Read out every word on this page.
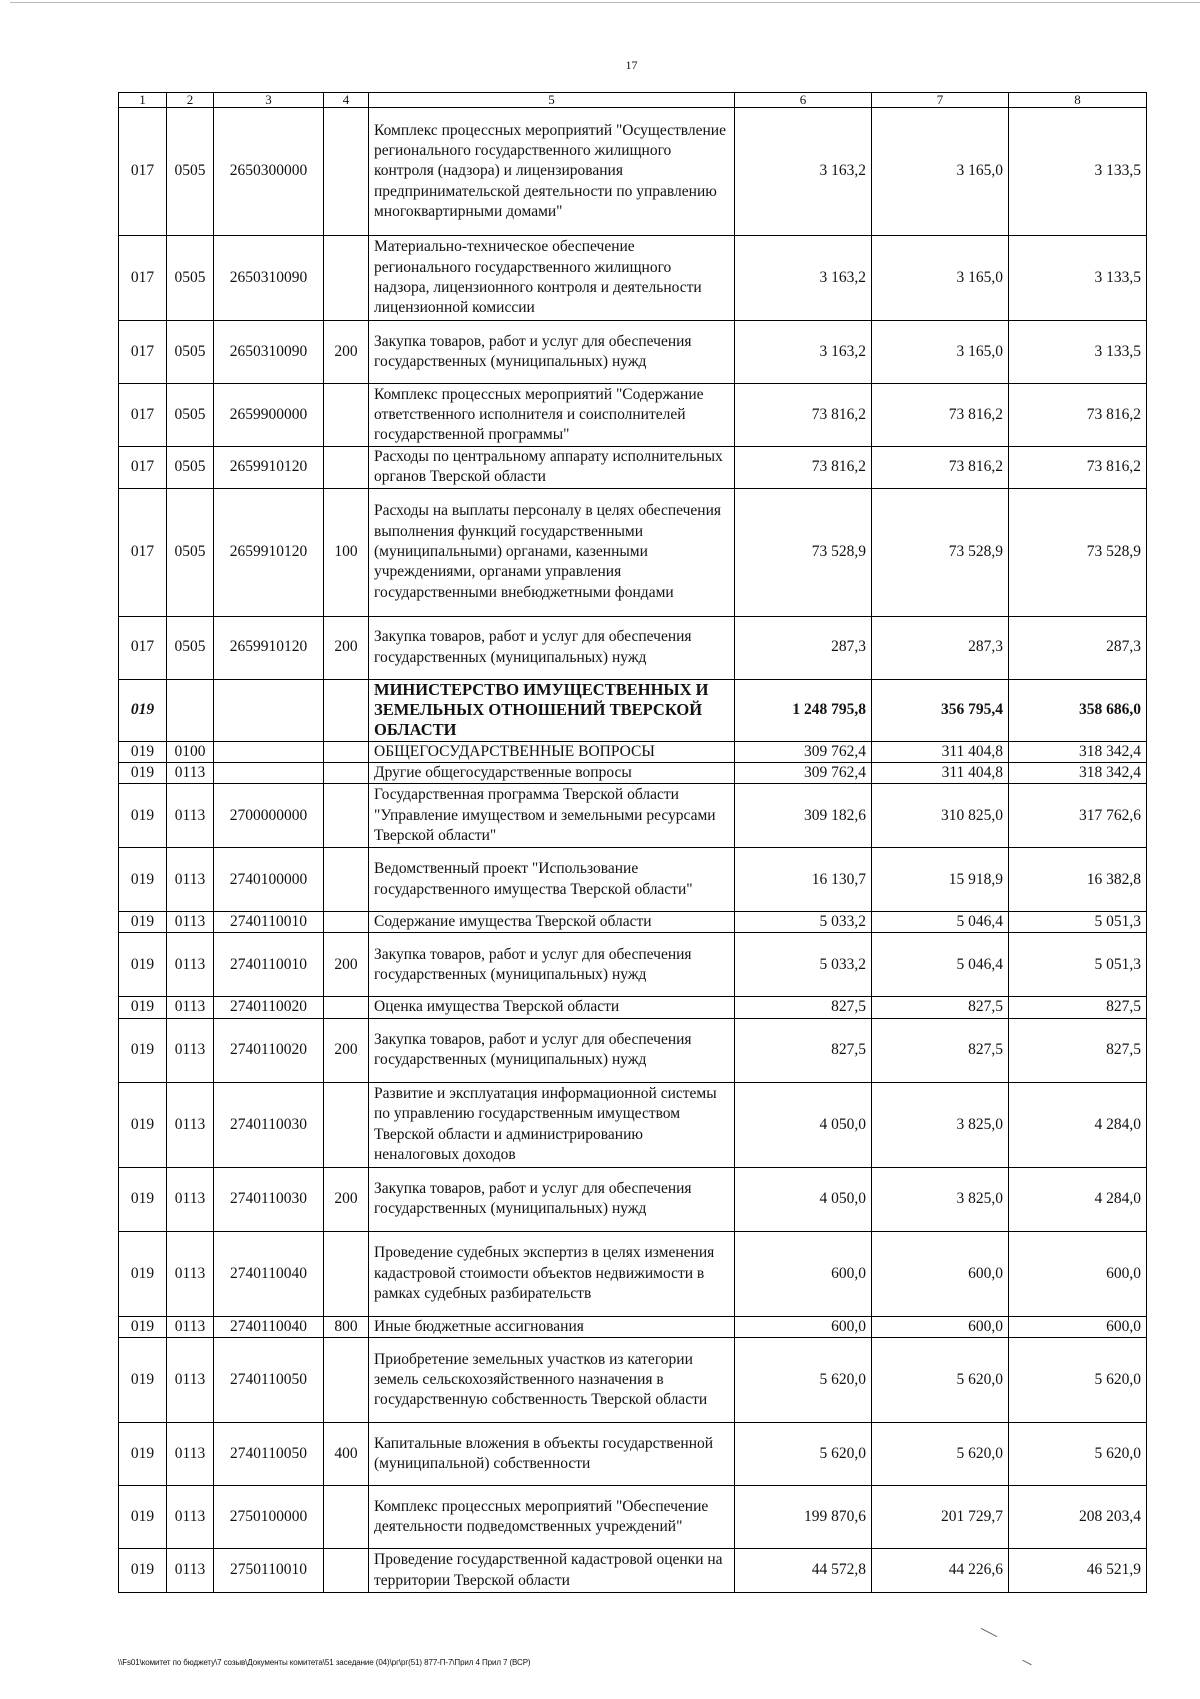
17
1	2	3	4	5	6	7	8
017	0505	2650300000		Комплекс процессных мероприятий "Осуществление регионального государственного жилищного контроля (надзора) и лицензирования предпринимательской деятельности по управлению многоквартирными домами"	3 163,2	3 165,0	3 133,5
017	0505	2650310090		Материально-техническое обеспечение регионального государственного жилищного надзора, лицензионного контроля и деятельности лицензионной комиссии	3 163,2	3 165,0	3 133,5
017	0505	2650310090	200	Закупка товаров, работ и услуг для обеспечения государственных (муниципальных) нужд	3 163,2	3 165,0	3 133,5
017	0505	2659900000		Комплекс процессных мероприятий "Содержание ответственного исполнителя и соисполнителей государственной программы"	73 816,2	73 816,2	73 816,2
017	0505	2659910120		Расходы по центральному аппарату исполнительных органов Тверской области	73 816,2	73 816,2	73 816,2
017	0505	2659910120	100	Расходы на выплаты персоналу в целях обеспечения выполнения функций государственными (муниципальными) органами, казенными учреждениями, органами управления государственными внебюджетными фондами	73 528,9	73 528,9	73 528,9
017	0505	2659910120	200	Закупка товаров, работ и услуг для обеспечения государственных (муниципальных) нужд	287,3	287,3	287,3
019				МИНИСТЕРСТВО ИМУЩЕСТВЕННЫХ И ЗЕМЕЛЬНЫХ ОТНОШЕНИЙ ТВЕРСКОЙ ОБЛАСТИ	1 248 795,8	356 795,4	358 686,0
019	0100			ОБЩЕГОСУДАРСТВЕННЫЕ ВОПРОСЫ	309 762,4	311 404,8	318 342,4
019	0113			Другие общегосударственные вопросы	309 762,4	311 404,8	318 342,4
019	0113	2700000000		Государственная программа Тверской области "Управление имуществом и земельными ресурсами Тверской области"	309 182,6	310 825,0	317 762,6
019	0113	2740100000		Ведомственный проект "Использование государственного имущества Тверской области"	16 130,7	15 918,9	16 382,8
019	0113	2740110010		Содержание имущества Тверской области	5 033,2	5 046,4	5 051,3
019	0113	2740110010	200	Закупка товаров, работ и услуг для обеспечения государственных (муниципальных) нужд	5 033,2	5 046,4	5 051,3
019	0113	2740110020		Оценка имущества Тверской области	827,5	827,5	827,5
019	0113	2740110020	200	Закупка товаров, работ и услуг для обеспечения государственных (муниципальных) нужд	827,5	827,5	827,5
019	0113	2740110030		Развитие и эксплуатация информационной системы по управлению государственным имуществом Тверской области и администрированию неналоговых доходов	4 050,0	3 825,0	4 284,0
019	0113	2740110030	200	Закупка товаров, работ и услуг для обеспечения государственных (муниципальных) нужд	4 050,0	3 825,0	4 284,0
019	0113	2740110040		Проведение судебных экспертиз в целях изменения кадастровой стоимости объектов недвижимости в рамках судебных разбирательств	600,0	600,0	600,0
019	0113	2740110040	800	Иные бюджетные ассигнования	600,0	600,0	600,0
019	0113	2740110050		Приобретение земельных участков из категории земель сельскохозяйственного назначения в государственную собственность Тверской области	5 620,0	5 620,0	5 620,0
019	0113	2740110050	400	Капитальные вложения в объекты государственной (муниципальной) собственности	5 620,0	5 620,0	5 620,0
019	0113	2750100000		Комплекс процессных мероприятий "Обеспечение деятельности подведомственных учреждений"	199 870,6	201 729,7	208 203,4
019	0113	2750110010		Проведение государственной кадастровой оценки на территории Тверской области	44 572,8	44 226,6	46 521,9
\\Fs01\комитет по бюджету\7 созыв\Документы комитета\51 заседание (04)\рг\рг(51) 877-П-7\Прил 4 Прил 7 (ВСР)
